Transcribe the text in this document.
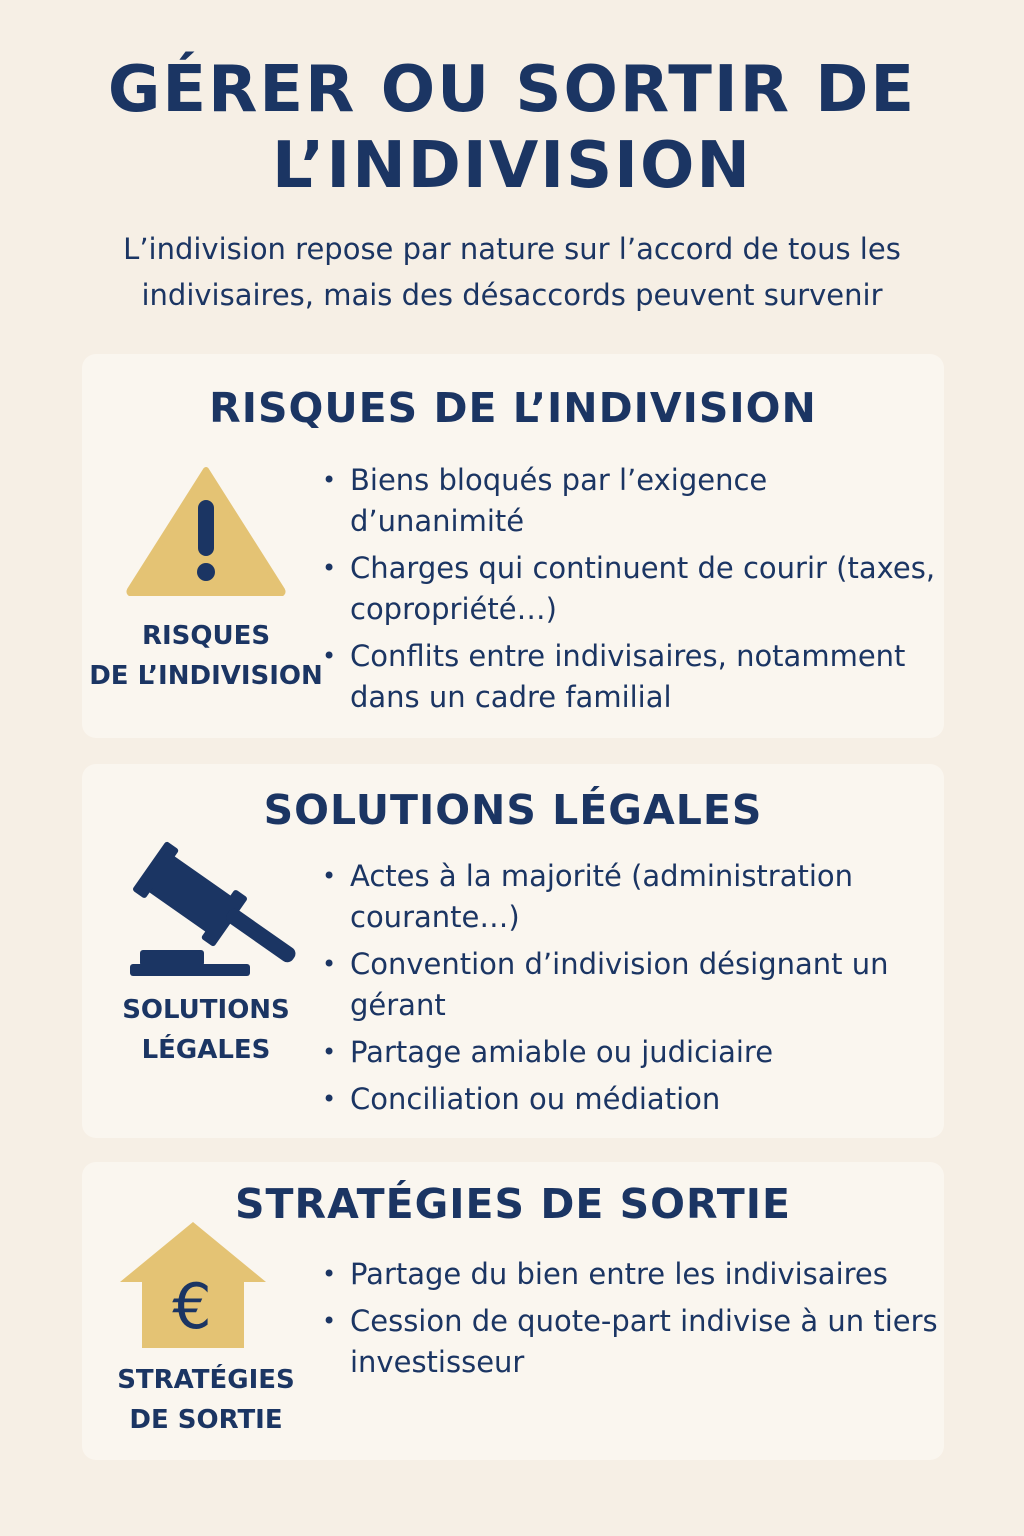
GÉRER OU SORTIR DE
L’INDIVISION
L’indivision repose par nature sur l’accord de tous les
indivisaires, mais des désaccords peuvent survenir
RISQUES DE L’INDIVISION
RISQUES
DE L’INDIVISION
• Biens bloqués par l’exigence d’unanimité
• Charges qui continuent de courir (taxes, copropriété…)
• Conflits entre indivisaires, notamment dans un cadre familial
SOLUTIONS LÉGALES
SOLUTIONS
LÉGALES
• Actes à la majorité (administration courante…)
• Convention d’indivision désignant un gérant
• Partage amiable ou judiciaire
• Conciliation ou médiation
STRATÉGIES DE SORTIE
€
STRATÉGIES
DE SORTIE
• Partage du bien entre les indivisaires
• Cession de quote-part indivise à un tiers investisseur
